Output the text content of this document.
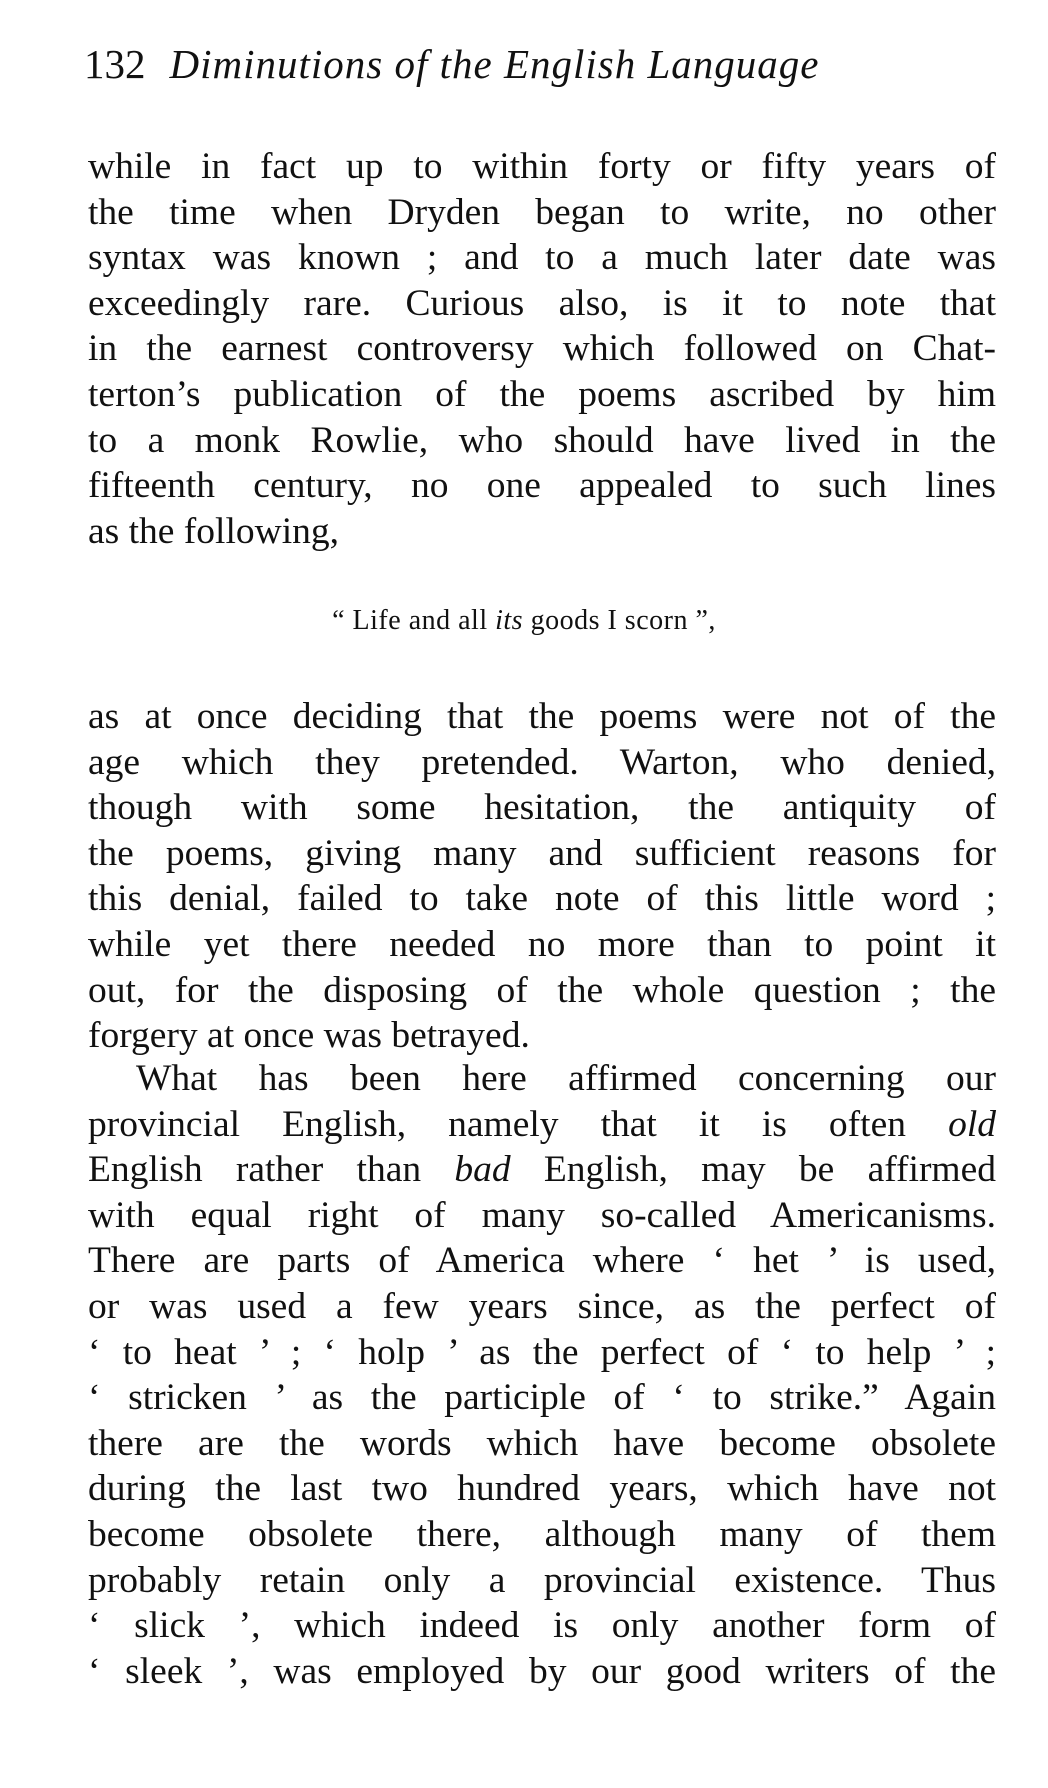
132 Diminutions of the English Language
while in fact up to within forty or fifty years of
the time when Dryden began to write, no other
syntax was known ; and to a much later date was
exceedingly rare. Curious also, is it to note that
in the earnest controversy which followed on Chat-
terton’s publication of the poems ascribed by him
to a monk Rowlie, who should have lived in the
fifteenth century, no one appealed to such lines
as the following,
“ Life and all its goods I scorn ”,
as at once deciding that the poems were not of the
age which they pretended. Warton, who denied,
though with some hesitation, the antiquity of
the poems, giving many and sufficient reasons for
this denial, failed to take note of this little word ;
while yet there needed no more than to point it
out, for the disposing of the whole question ; the
forgery at once was betrayed.
What has been here affirmed concerning our
provincial English, namely that it is often old
English rather than bad English, may be affirmed
with equal right of many so-called Americanisms.
There are parts of America where ‘ het ’ is used,
or was used a few years since, as the perfect of
‘ to heat ’ ; ‘ holp ’ as the perfect of ‘ to help ’ ;
‘ stricken ’ as the participle of ‘ to strike.” Again
there are the words which have become obsolete
during the last two hundred years, which have not
become obsolete there, although many of them
probably retain only a provincial existence. Thus
‘ slick ’, which indeed is only another form of
‘ sleek ’, was employed by our good writers of the
